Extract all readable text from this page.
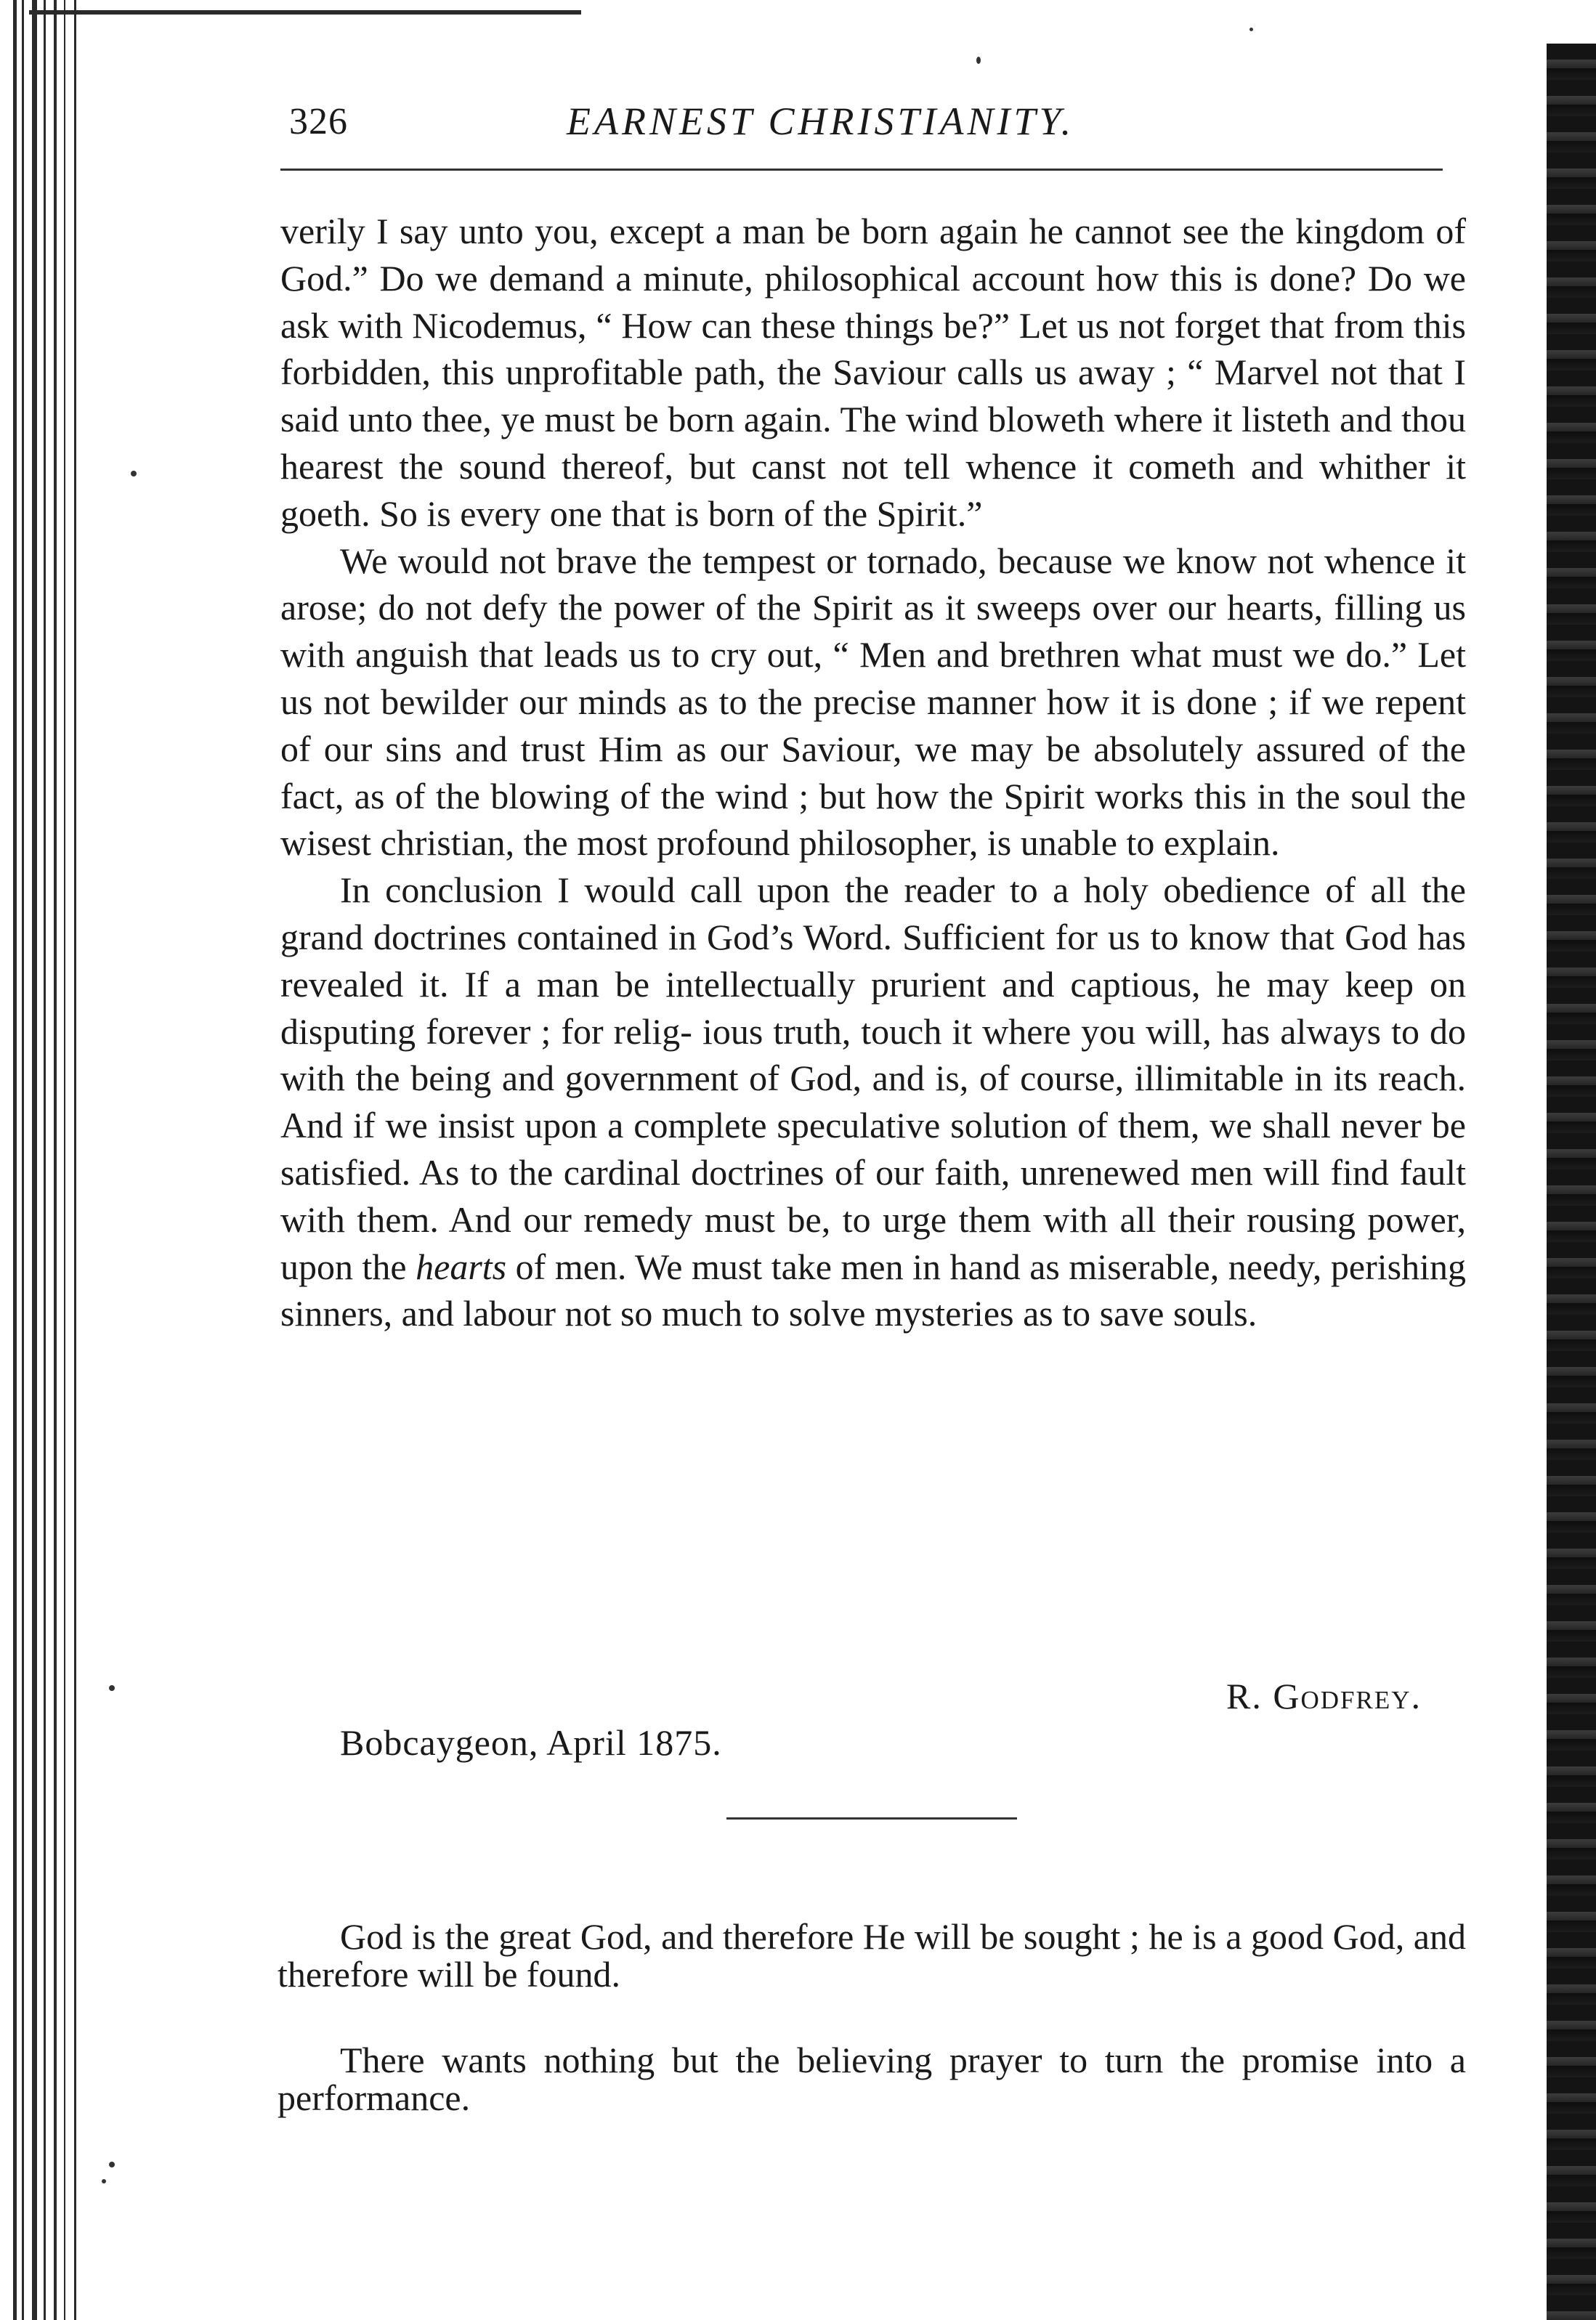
326	EARNEST CHRISTIANITY.

verily I say unto you, except a man be born again he cannot see the kingdom of God.” Do we demand a minute, philosophical account how this is done? Do we ask with Nicodemus, “ How can these things be?” Let us not forget that from this forbidden, this unprofitable path, the Saviour calls us away ; “ Marvel not that I said unto thee, ye must be born again. The wind bloweth where it listeth and thou hearest the sound thereof, but canst not tell whence it cometh and whither it goeth. So is every one that is born of the Spirit.”

We would not brave the tempest or tornado, because we know not whence it arose; do not defy the power of the Spirit as it sweeps over our hearts, filling us with anguish that leads us to cry out, “ Men and brethren what must we do.” Let us not bewilder our minds as to the precise manner how it is done ; if we repent of our sins and trust Him as our Saviour, we may be absolutely assured of the fact, as of the blowing of the wind ; but how the Spirit works this in the soul the wisest christian, the most profound philosopher, is unable to explain.

In conclusion I would call upon the reader to a holy obedience of all the grand doctrines contained in God’s Word. Sufficient for us to know that God has revealed it. If a man be intellectually prurient and captious, he may keep on disputing forever ; for relig- ious truth, touch it where you will, has always to do with the being and government of God, and is, of course, illimitable in its reach. And if we insist upon a complete speculative solution of them, we shall never be satisfied. As to the cardinal doctrines of our faith, unrenewed men will find fault with them. And our remedy must be, to urge them with all their rousing power, upon the hearts of men. We must take men in hand as miserable, needy, perishing sinners, and labour not so much to solve mysteries as to save souls.

R. Godfrey.
Bobcaygeon, April 1875.

God is the great God, and therefore He will be sought ; he is a good God, and therefore will be found.

There wants nothing but the believing prayer to turn the promise into a performance.
